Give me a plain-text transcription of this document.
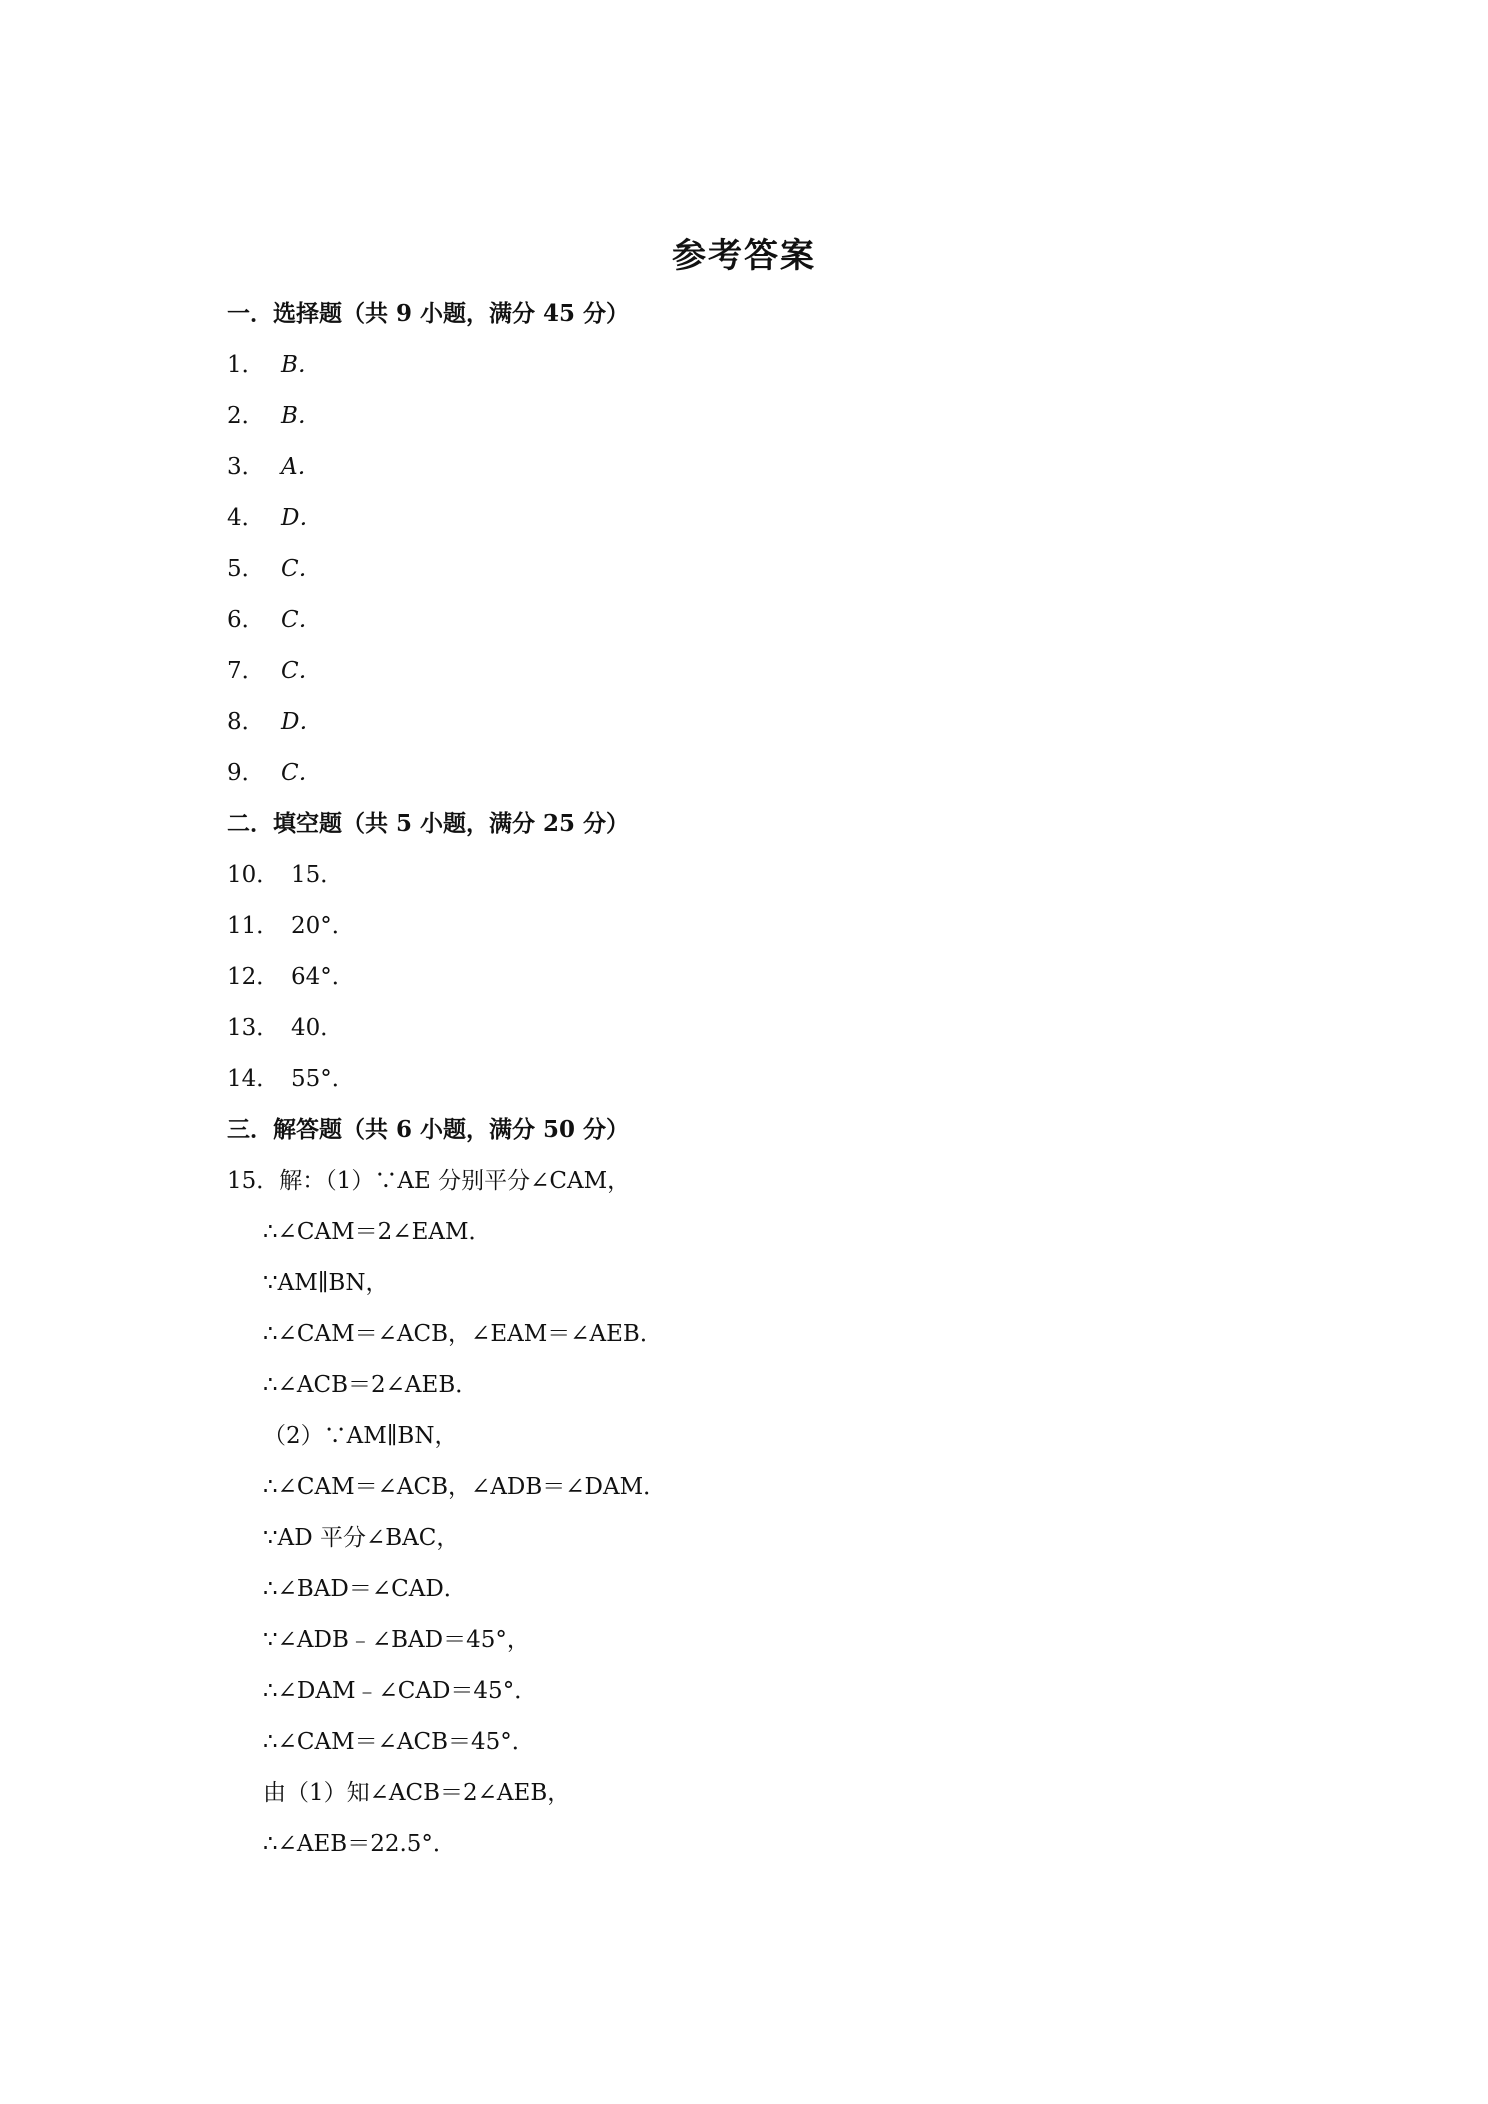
参考答案
一．选择题（共 9 小题，满分 45 分）
1． B．
2． B．
3． A．
4． D．
5． C．
6． C．
7． C．
8． D．
9． C．
二．填空题（共 5 小题，满分 25 分）
10． 15．
11． 20°．
12． 64°．
13． 40．
14． 55°．
三．解答题（共 6 小题，满分 50 分）
15．解：（1）∵AE 分别平分∠CAM，
∴∠CAM＝2∠EAM．
∵AM∥BN，
∴∠CAM＝∠ACB，∠EAM＝∠AEB．
∴∠ACB＝2∠AEB．
（2）∵AM∥BN，
∴∠CAM＝∠ACB，∠ADB＝∠DAM．
∵AD 平分∠BAC，
∴∠BAD＝∠CAD．
∵∠ADB﹣∠BAD＝45°，
∴∠DAM﹣∠CAD＝45°．
∴∠CAM＝∠ACB＝45°．
由（1）知∠ACB＝2∠AEB，
∴∠AEB＝22.5°．
